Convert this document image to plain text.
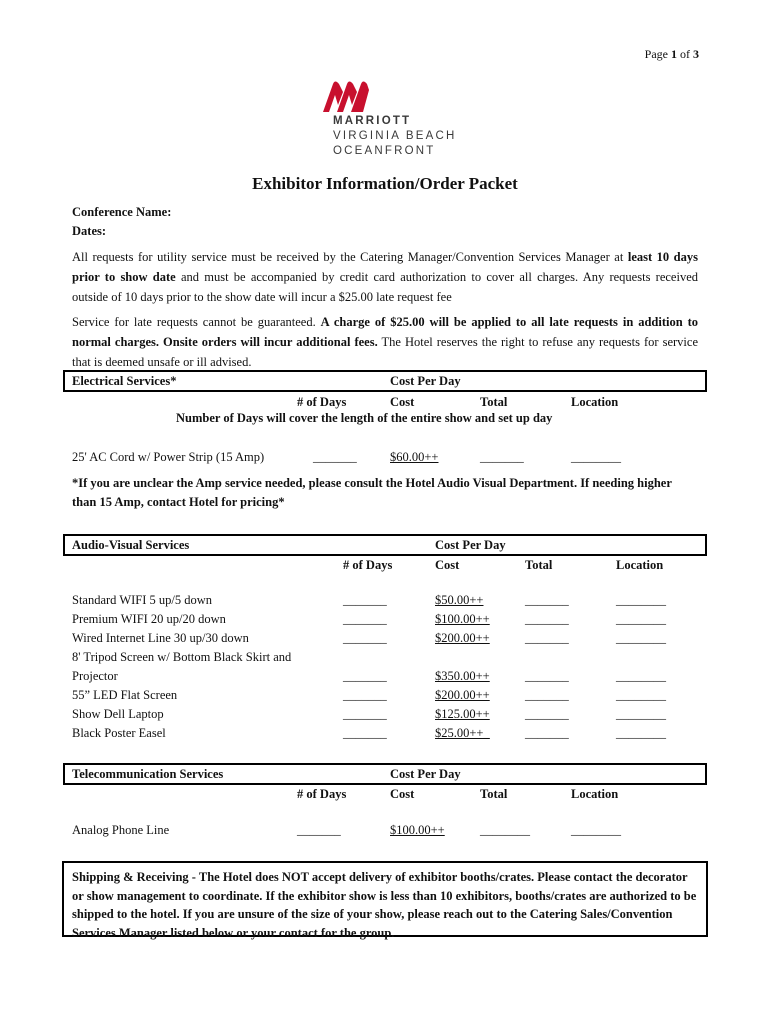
Page 1 of 3
MARRIOTT
VIRGINIA BEACH
OCEANFRONT
Exhibitor Information/Order Packet
Conference Name:
Dates:
All requests for utility service must be received by the Catering Manager/Convention Services Manager at least 10 days prior to show date and must be accompanied by credit card authorization to cover all charges. Any requests received outside of 10 days prior to the show date will incur a $25.00 late request fee
Service for late requests cannot be guaranteed. A charge of $25.00 will be applied to all late requests in addition to normal charges. Onsite orders will incur additional fees. The Hotel reserves the right to refuse any requests for service that is deemed unsafe or ill advised.
Electrical Services*	Cost Per Day
# of Days	Cost	Total	Location
Number of Days will cover the length of the entire show and set up day
25' AC Cord w/ Power Strip (15 Amp)	_______	$60.00++	_______	________
*If you are unclear the Amp service needed, please consult the Hotel Audio Visual Department. If needing higher than 15 Amp, contact Hotel for pricing*
Audio-Visual Services	Cost Per Day
# of Days	Cost	Total	Location
Standard WIFI 5 up/5 down	_______	$50.00++	_______	________
Premium WIFI 20 up/20 down	_______	$100.00++	_______	________
Wired Internet Line 30 up/30 down	_______	$200.00++	_______	________
8' Tripod Screen w/ Bottom Black Skirt and
Projector	_______	$350.00++	_______	________
55” LED Flat Screen	_______	$200.00++	_______	________
Show Dell Laptop	_______	$125.00++	_______	________
Black Poster Easel	_______	$25.00++_	_______	________
Telecommunication Services	Cost Per Day
# of Days	Cost	Total	Location
Analog Phone Line	_______	$100.00++	________	________
Shipping & Receiving - The Hotel does NOT accept delivery of exhibitor booths/crates. Please contact the decorator or show management to coordinate. If the exhibitor show is less than 10 exhibitors, booths/crates are authorized to be shipped to the hotel. If you are unsure of the size of your show, please reach out to the Catering Sales/Convention Services Manager listed below or your contact for the group.
